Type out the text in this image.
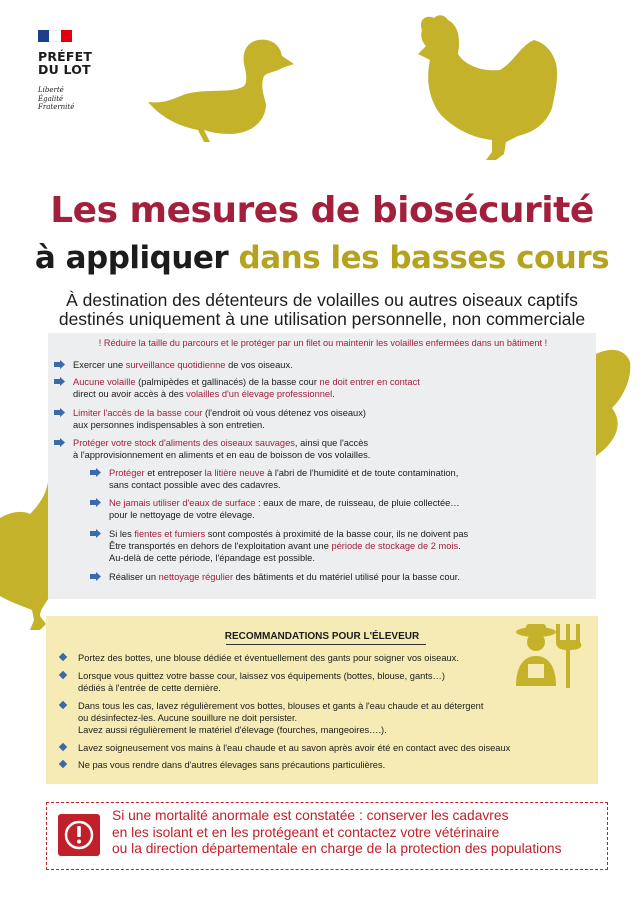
PRÉFET
DU LOT
Liberté
Égalité
Fraternité
Les mesures de biosécurité
à appliquer dans les basses cours
À destination des détenteurs de volailles ou autres oiseaux captifs
destinés uniquement à une utilisation personnelle, non commerciale
! Réduire la taille du parcours et le protéger par un filet ou maintenir les volailles enfermées dans un bâtiment !
Exercer une surveillance quotidienne de vos oiseaux.
Aucune volaille (palmipèdes et gallinacés) de la basse cour ne doit entrer en contact
direct ou avoir accès à des volailles d'un élevage professionnel.
Limiter l'accès de la basse cour (l'endroit où vous détenez vos oiseaux)
aux personnes indispensables à son entretien.
Protéger votre stock d'aliments des oiseaux sauvages, ainsi que l'accès
à l'approvisionnement en aliments et en eau de boisson de vos volailles.
Protéger et entreposer la litière neuve à l'abri de l'humidité et de toute contamination,
sans contact possible avec des cadavres.
Ne jamais utiliser d'eaux de surface : eaux de mare, de ruisseau, de pluie collectée…
pour le nettoyage de votre élevage.
Si les fientes et fumiers sont compostés à proximité de la basse cour, ils ne doivent pas
Être transportés en dehors de l'exploitation avant une période de stockage de 2 mois.
Au-delà de cette période, l'épandage est possible.
Réaliser un nettoyage régulier des bâtiments et du matériel utilisé pour la basse cour.
RECOMMANDATIONS POUR L'ÉLEVEUR
Portez des bottes, une blouse dédiée et éventuellement des gants pour soigner vos oiseaux.
Lorsque vous quittez votre basse cour, laissez vos équipements (bottes, blouse, gants…)
dédiés à l'entrée de cette dernière.
Dans tous les cas, lavez régulièrement vos bottes, blouses et gants à l'eau chaude et au détergent
ou désinfectez-les. Aucune souillure ne doit persister.
Lavez aussi régulièrement le matériel d'élevage (fourches, mangeoires….).
Lavez soigneusement vos mains à l'eau chaude et au savon après avoir été en contact avec des oiseaux
Ne pas vous rendre dans d'autres élevages sans précautions particulières.
Si une mortalité anormale est constatée : conserver les cadavres
en les isolant et en les protégeant et contactez votre vétérinaire
ou la direction départementale en charge de la protection des populations
